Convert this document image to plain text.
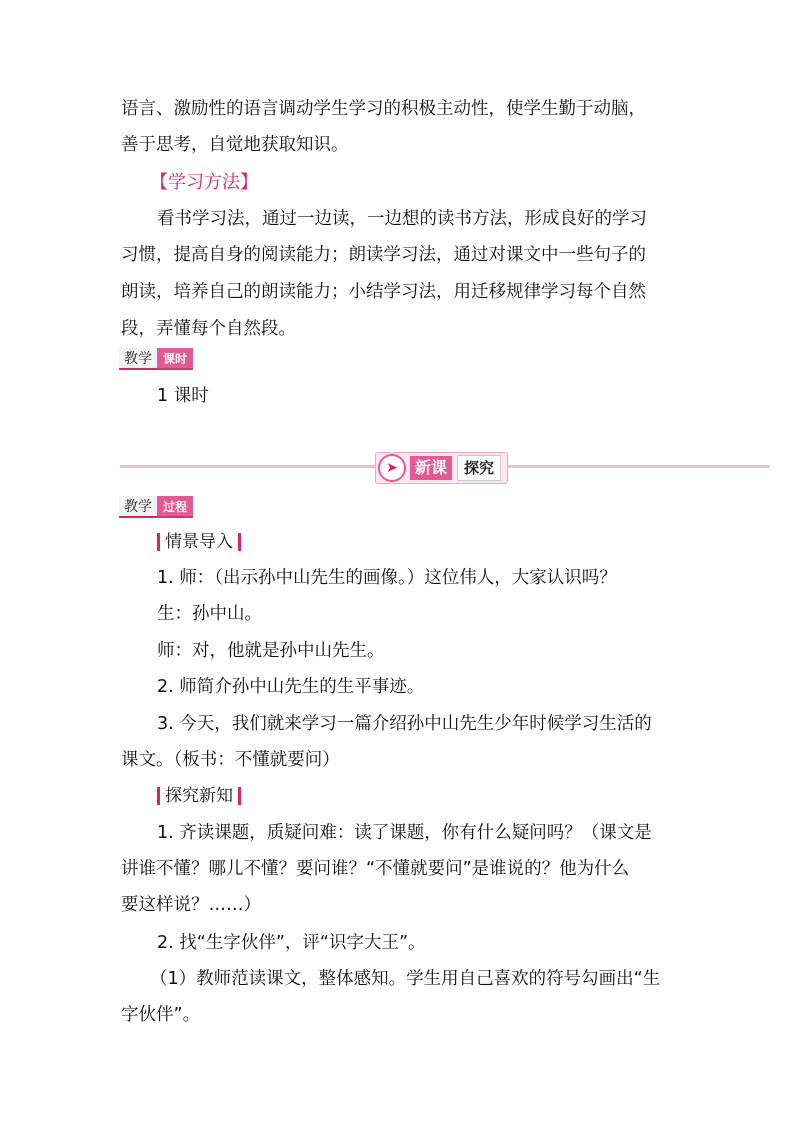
语言、激励性的语言调动学生学习的积极主动性，使学生勤于动脑，
善于思考，自觉地获取知识。
【学习方法】
看书学习法，通过一边读，一边想的读书方法，形成良好的学习
习惯，提高自身的阅读能力；朗读学习法，通过对课文中一些句子的
朗读，培养自己的朗读能力；小结学习法，用迁移规律学习每个自然
段，弄懂每个自然段。
教学 课时
1 课时
➤	新课	探究
教学 过程
情景导入
1. 师：（出示孙中山先生的画像。）这位伟人，大家认识吗？
生：孙中山。
师：对，他就是孙中山先生。
2. 师简介孙中山先生的生平事迹。
3. 今天，我们就来学习一篇介绍孙中山先生少年时候学习生活的
课文。（板书：不懂就要问）
探究新知
1. 齐读课题，质疑问难：读了课题，你有什么疑问吗？（课文是
讲谁不懂？哪儿不懂？要问谁？“不懂就要问”是谁说的？他为什么
要这样说？……）
2. 找“生字伙伴”，评“识字大王”。
（1）教师范读课文，整体感知。学生用自己喜欢的符号勾画出“生
字伙伴”。
